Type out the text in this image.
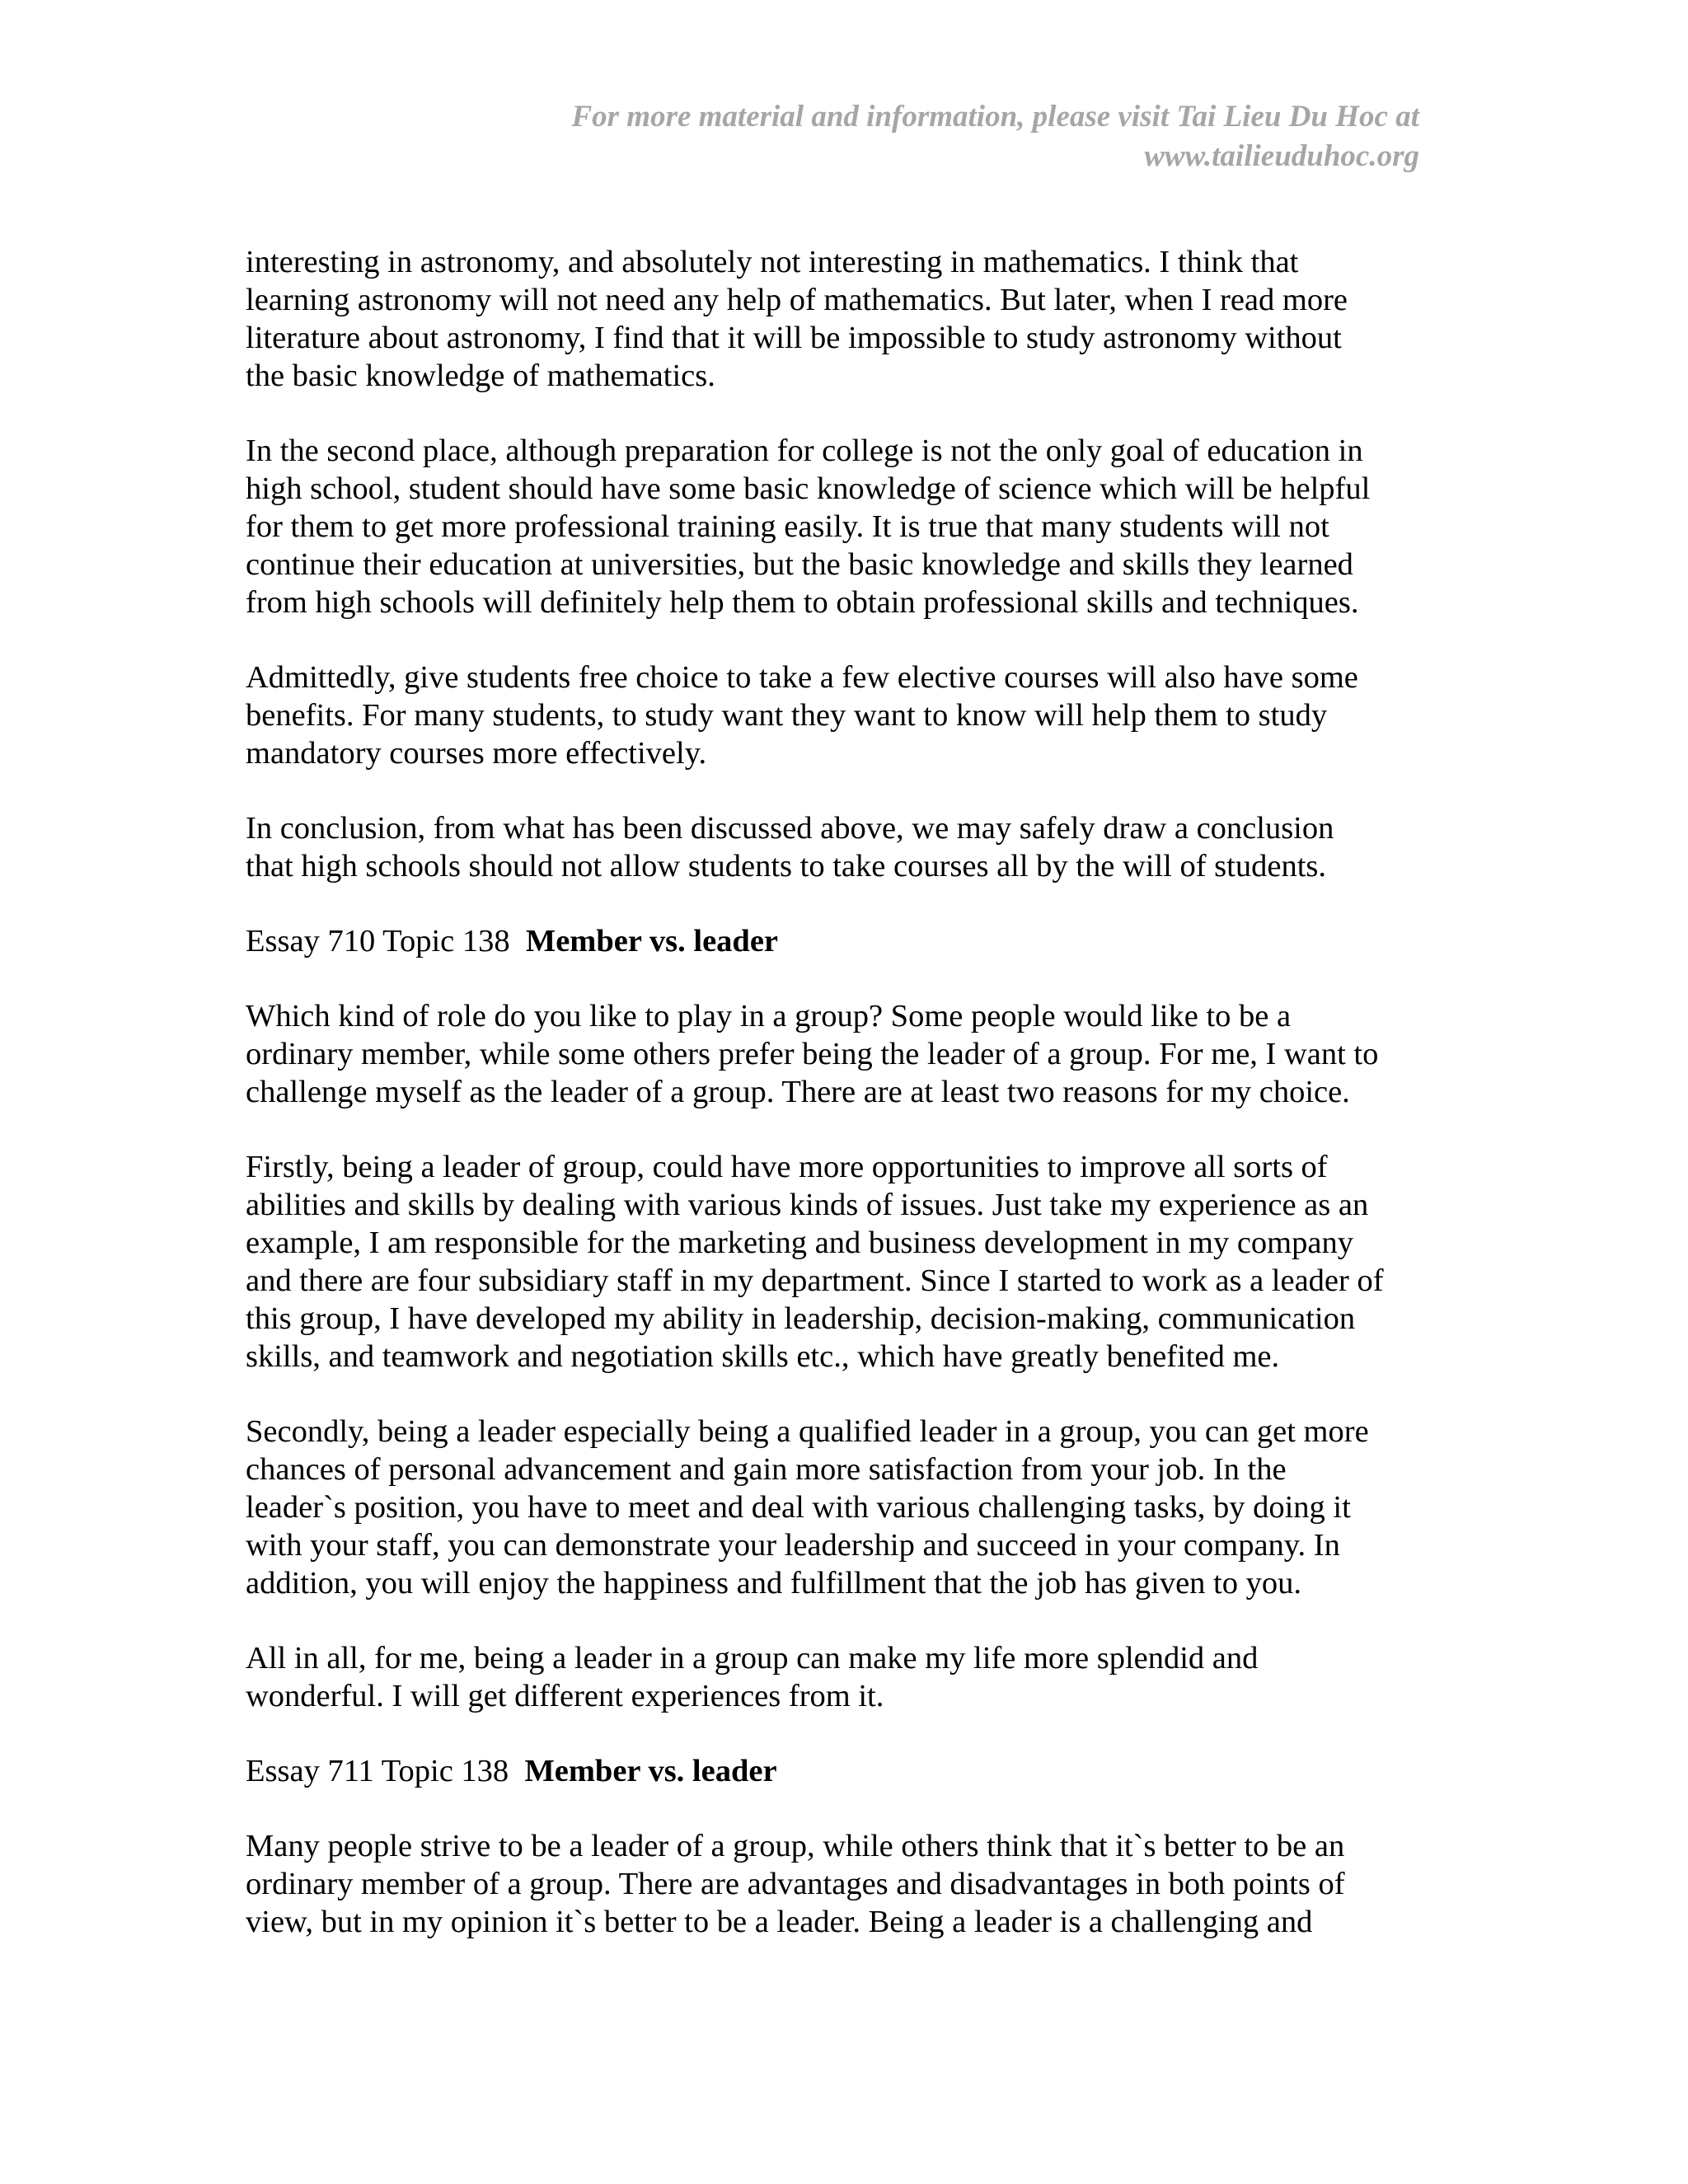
For more material and information, please visit Tai Lieu Du Hoc at
www.tailieuduhoc.org
interesting in astronomy, and absolutely not interesting in mathematics. I think that
learning astronomy will not need any help of mathematics. But later, when I read more
literature about astronomy, I find that it will be impossible to study astronomy without
the basic knowledge of mathematics.
In the second place, although preparation for college is not the only goal of education in
high school, student should have some basic knowledge of science which will be helpful
for them to get more professional training easily. It is true that many students will not
continue their education at universities, but the basic knowledge and skills they learned
from high schools will definitely help them to obtain professional skills and techniques.
Admittedly, give students free choice to take a few elective courses will also have some
benefits. For many students, to study want they want to know will help them to study
mandatory courses more effectively.
In conclusion, from what has been discussed above, we may safely draw a conclusion
that high schools should not allow students to take courses all by the will of students.
Essay 710 Topic 138  Member vs. leader
Which kind of role do you like to play in a group? Some people would like to be a
ordinary member, while some others prefer being the leader of a group. For me, I want to
challenge myself as the leader of a group. There are at least two reasons for my choice.
Firstly, being a leader of group, could have more opportunities to improve all sorts of
abilities and skills by dealing with various kinds of issues. Just take my experience as an
example, I am responsible for the marketing and business development in my company
and there are four subsidiary staff in my department. Since I started to work as a leader of
this group, I have developed my ability in leadership, decision-making, communication
skills, and teamwork and negotiation skills etc., which have greatly benefited me.
Secondly, being a leader especially being a qualified leader in a group, you can get more
chances of personal advancement and gain more satisfaction from your job. In the
leader`s position, you have to meet and deal with various challenging tasks, by doing it
with your staff, you can demonstrate your leadership and succeed in your company. In
addition, you will enjoy the happiness and fulfillment that the job has given to you.
All in all, for me, being a leader in a group can make my life more splendid and
wonderful. I will get different experiences from it.
Essay 711 Topic 138  Member vs. leader
Many people strive to be a leader of a group, while others think that it`s better to be an
ordinary member of a group. There are advantages and disadvantages in both points of
view, but in my opinion it`s better to be a leader. Being a leader is a challenging and
